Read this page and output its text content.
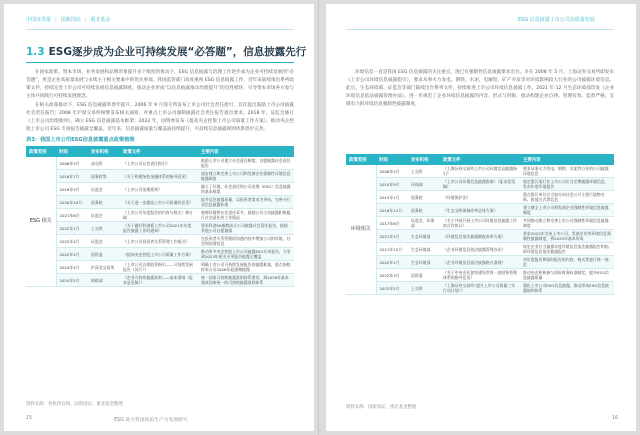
中国证券报 | 国新国证 | 重北基金
1.3 ESG逐步成为企业可持续发展“必答题”，信息披露先行

在国家政策、资本市场、业务发展和品牌形象提升多个维度的推动下，ESG 信息披露与治理工作逐步成为企业可持续发展的“必答题”，更是企业高质量发展与永续主干相关要素中的优先事项。我国监管部门高度重视 ESG 信息披露工作，近年来陆续推出系列政策文件，持续完善上市公司可持续发展信息披露制度，推动企业形成“以信息披露推动治理提升”的良性循环，引导资本市场各方参与主体共同践行可持续发展理念。

在相关政策推动下，ESG 信息披露率逐年提升。2006 年 9 月深交所发布上市公司社会责任指引，首次提出鼓励上市公司披露社会责任报告；2008 年沪深交易所相继发布相关通知，对重点上市公司强制披露社会责任报告提出要求。2018 年，证监会修订《上市公司治理准则》，确立 ESG 信息披露基本框架；2022 年，国资委发布《提高央企控股上市公司质量工作方案》，推动央企控股上市公司 ESG 专项报告披露全覆盖。近年来，信息披露质量与覆盖面持续提升，可持续信息披露规则体系逐步完善。

表3：我国上市公司ESG信息披露重点政策梳理
政策类别	时间	发布机构	政策文件	主要内容
ESG 相关	2006年9月	深交所	《上市公司社会责任指引》	鼓励上市公司建立社会责任制度，自愿披露社会责任报告
	2016年7月	国务院等	《关于构建绿色金融体系的指导意见》	逐步建立和完善上市公司和发债企业强制性环境信息披露制度
	2018年9月	证监会	《上市公司治理准则》	确立了环境、社会责任和公司治理（ESG）信息披露的基本框架
	2020年10月	国务院	《关于进一步提高上市公司质量的意见》	提升信息披露质量，以投资者需求为导向，完善分行业信息披露标准
	2021年6月	证监会	《上市公司年度报告的内容与格式》修订稿	新增环境和社会责任章节，鼓励公司主动披露积极履行社会责任的工作情况
	2022年1月	上交所	《关于做好科创板上市公司2021年年度报告披露工作的通知》	要求科创50指数成分公司披露社会责任报告，鼓励其他公司自愿披露
	2022年4月	证监会	《上市公司投资者关系管理工作指引》	在投资者关系管理的沟通内容中增加公司的环境、社会和治理信息
	2022年5月	国资委	《提高央企控股上市公司质量工作方案》	推动更多央企控股上市公司披露ESG专项报告，力争到2023年相关专项报告披露全覆盖
	2024年4月	沪深北交易所	《上市公司自律监管指引——可持续发展报告（试行）》	明确上市公司可持续发展报告的披露框架，重点指数样本公司2026年起强制披露
	2024年5月	财政部	《企业可持续披露准则——基本准则（征求意见稿）》	统一国家可持续披露准则体系建设，到2030年基本建成国家统一的可持续披露准则体系
资料来源：各机构官网、国新国证、重北基金整理
15	ESG 助力我国新质生产力发展研究
ESG 信息披露上市公司高质量发展

环境信息一直是我国 ESG 信息披露的关注重点，现已有强制性信息披露要求出台。早在 2008 年 5 月，上海证券交易所即发布《上市公司环境信息披露指引》，要求从事火力发电、钢铁、水泥、电解铝、矿产开发等对环境影响较大行业的公司披露环境信息。此后，生态环境部、证监会等部门陆续出台系列文件，持续推进上市公司环境信息披露工作。2021 年 12 月生态环境部印发《企业环境信息依法披露管理办法》，进一步规范了企业环境信息披露的内容、形式与时限，推动构建企业自律、管理有效、监督严格、支撑有力的环境信息强制性披露制度。

政策类别	时间	发布机构	政策文件	主要内容
环境相关	2008年5月	上交所	《上海证券交易所上市公司环境信息披露指引》	要求从事火力发电、钢铁、水泥等行业的公司披露环境信息
	2010年9月	环保部	《上市公司环境信息披露指南》（征求意见稿）	规定重污染行业上市公司应当定期披露环境信息，发布年度环境报告
	2015年1月	国务院	《环境保护法》	重点排污单位应当如实向社会公开主要污染物名称、排放方式等信息
	2016年12月	国务院	《生态文明体制改革总体方案》	建立健全上市公司和发债企业强制性环境信息披露制度
	2017年6月	证监会、环保部	《关于共同开展上市公司环境信息披露工作的合作协议》	共同推动建立和完善上市公司强制性环境信息披露制度
	2021年5月	生态环境部	《环境信息依法披露制度改革方案》	要求2022年完成上市公司、发债企业等环境信息强制性披露制度，到2025年基本形成
	2021年12月	生态环境部	《企业环境信息依法披露管理办法》	规定企业应当披露年度环境信息依法披露报告和临时环境信息依法披露报告
	2022年1月	生态环境部	《企业环境信息依法披露格式准则》	对年度报告和临时报告的内容、格式等进行统一规范
	2022年3月	国资委	《关于中央企业加快建设世界一流财务管理体系的指导意见》	推动央企积极参与国际财务标准制定，提升ESG信息披露质量
	2022年5月	上交所	《上海证券交易所“提升上市公司质量三年行动计划”》	强化上市公司ESG信息披露，推动形成ESG信息披露规则体系
资料来源：国新国证、重北基金整理
16
